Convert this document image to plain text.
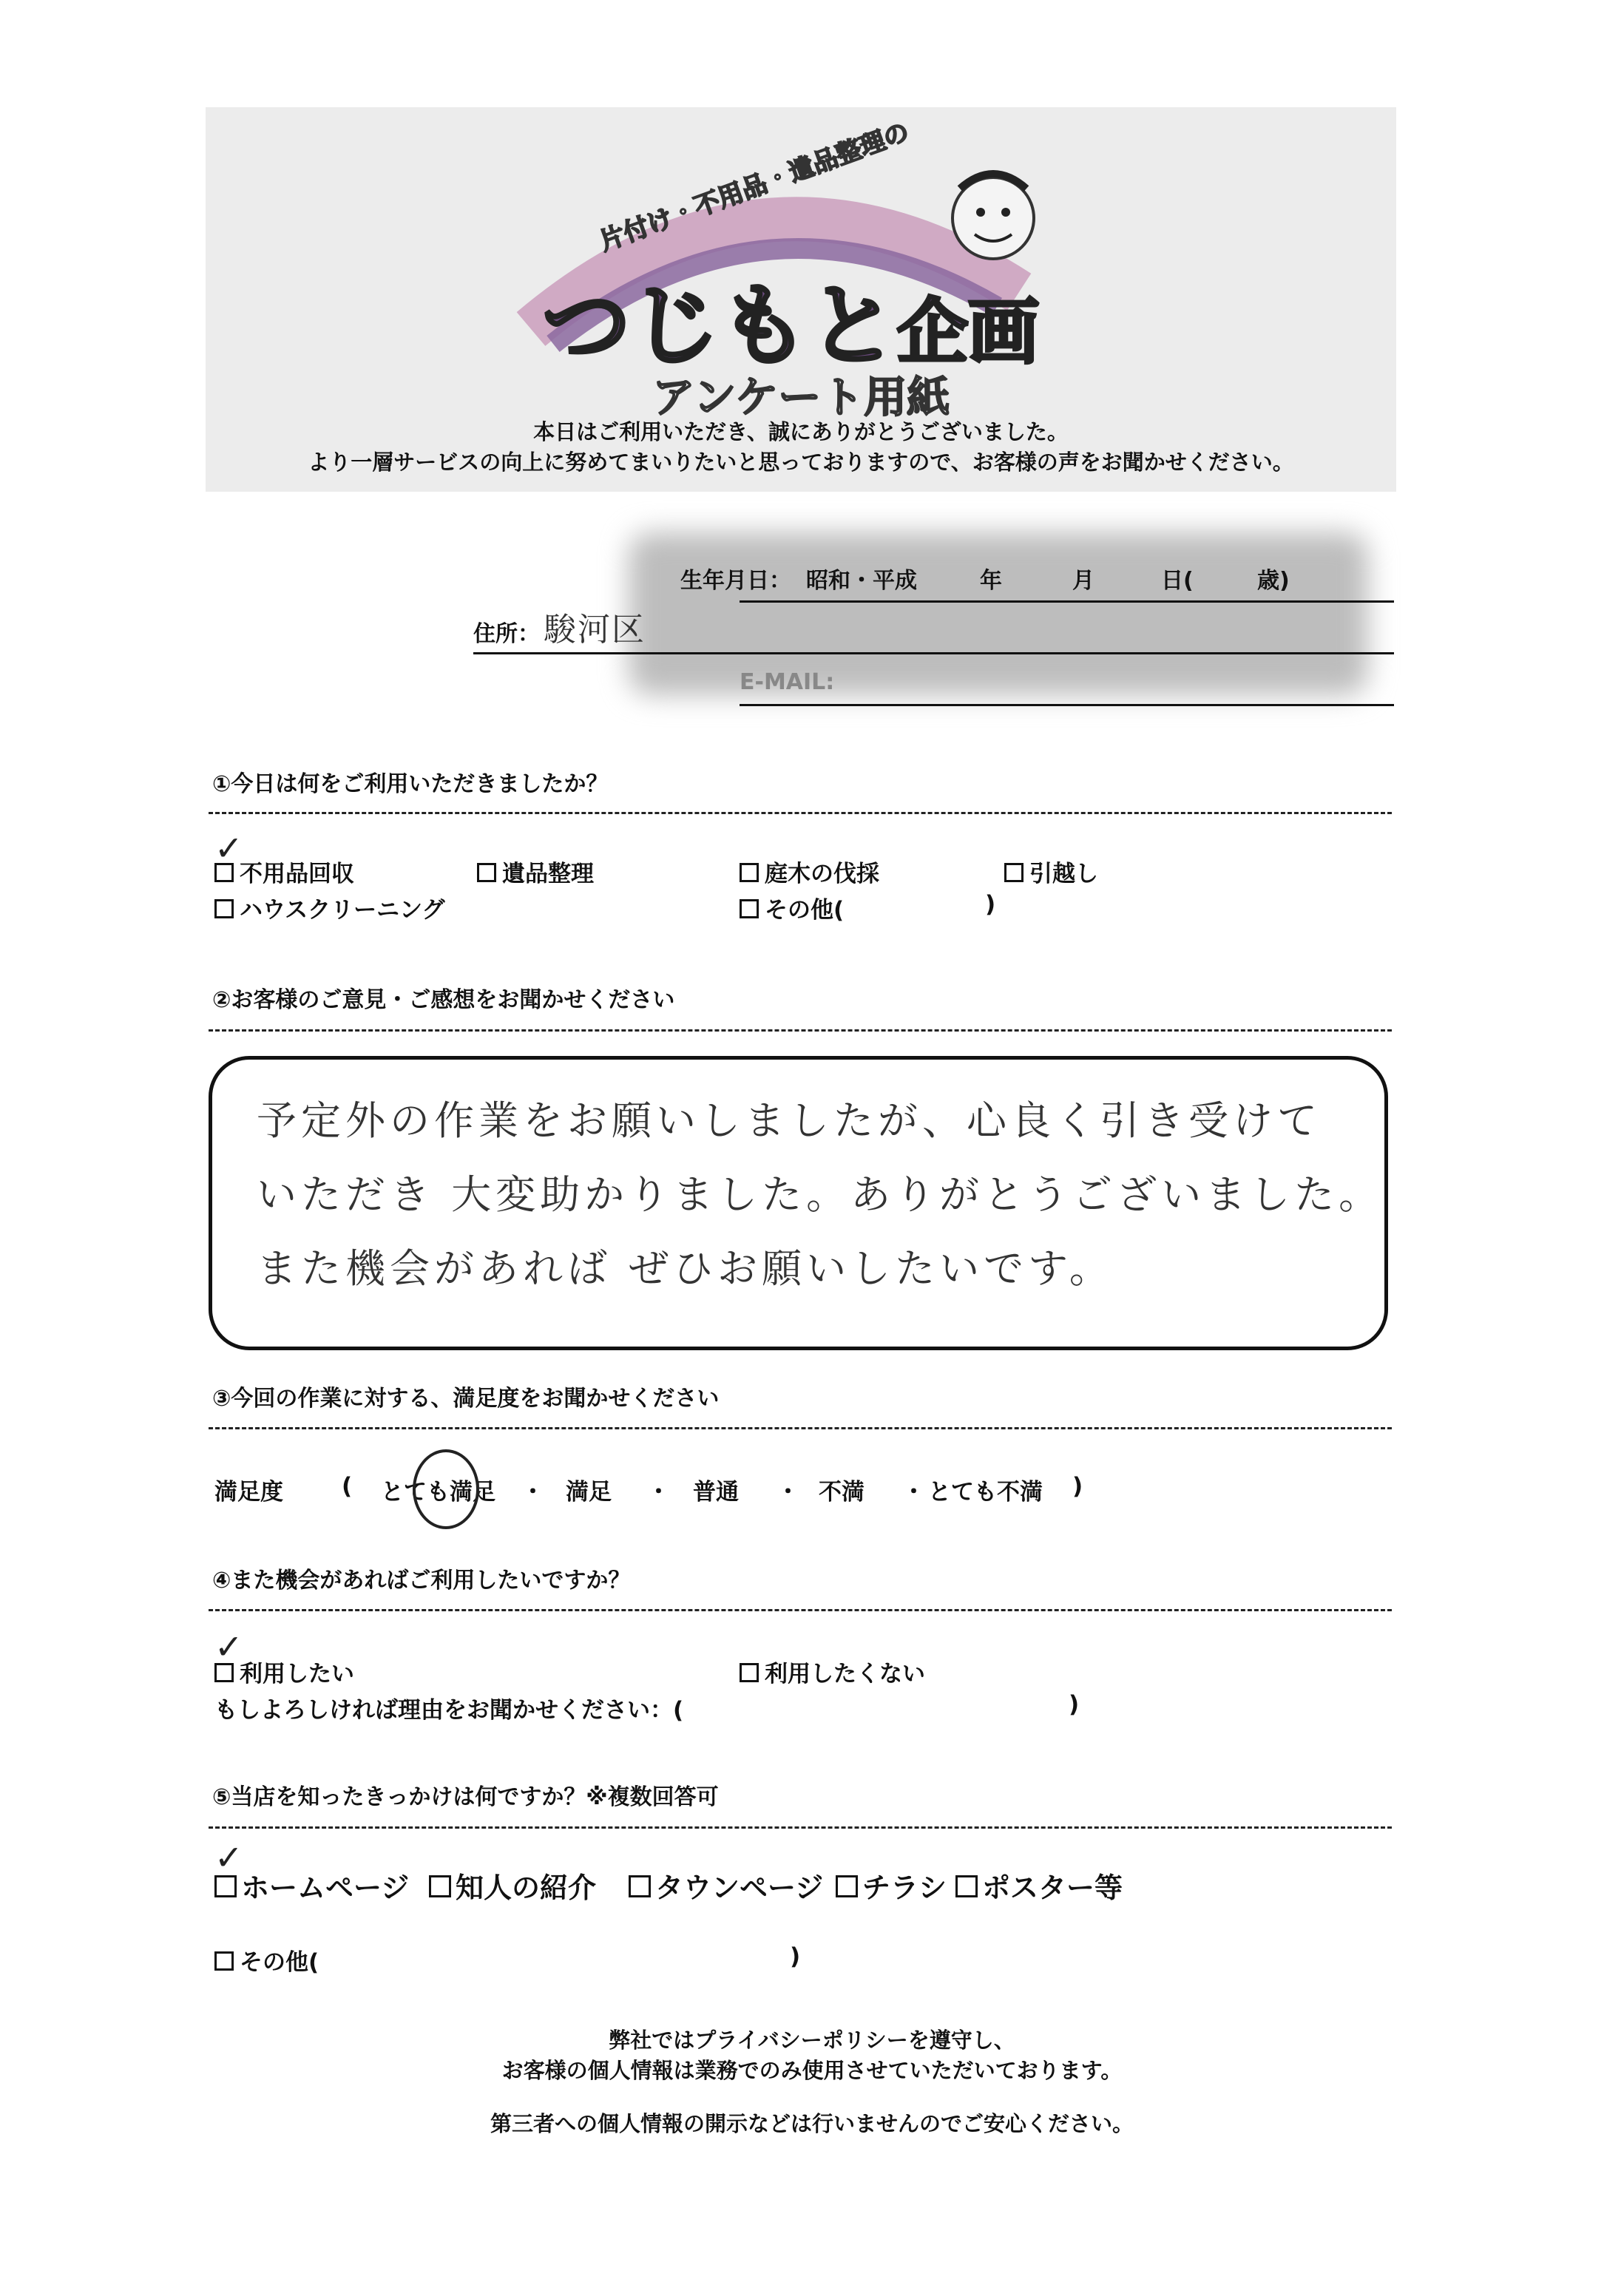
片付け・不用品・遺品整理の
つじもと企画
アンケート用紙
本日はご利用いただき、誠にありがとうございました。
より一層サービスの向上に努めてまいりたいと思っておりますので、お客様の声をお聞かせください。
生年月日： 昭和・平成	年	月	日(	歳)
住所： 駿河区
E-MAIL:
①今日は何をご利用いただきましたか？
✓
不用品回収	遺品整理	庭木の伐採	引越し
ハウスクリーニング	その他(	)
②お客様のご意見・ご感想をお聞かせください
予定外の作業をお願いしましたが、心良く引き受けて
いただき 大変助かりました。ありがとうございました。
また機会があれば ぜひお願いしたいです。
③今回の作業に対する、満足度をお聞かせください
満足度	( とても満足 ・ 満足 ・ 普通 ・ 不満 ・ とても不満 )
④また機会があればご利用したいですか？
✓
利用したい	利用したくない
もしよろしければ理由をお聞かせください：(	)
⑤当店を知ったきっかけは何ですか？※複数回答可
✓
ホームページ	知人の紹介	タウンページ	チラシ	ポスター等
その他(	)
弊社ではプライバシーポリシーを遵守し、
お客様の個人情報は業務でのみ使用させていただいております。
第三者への個人情報の開示などは行いませんのでご安心ください。
